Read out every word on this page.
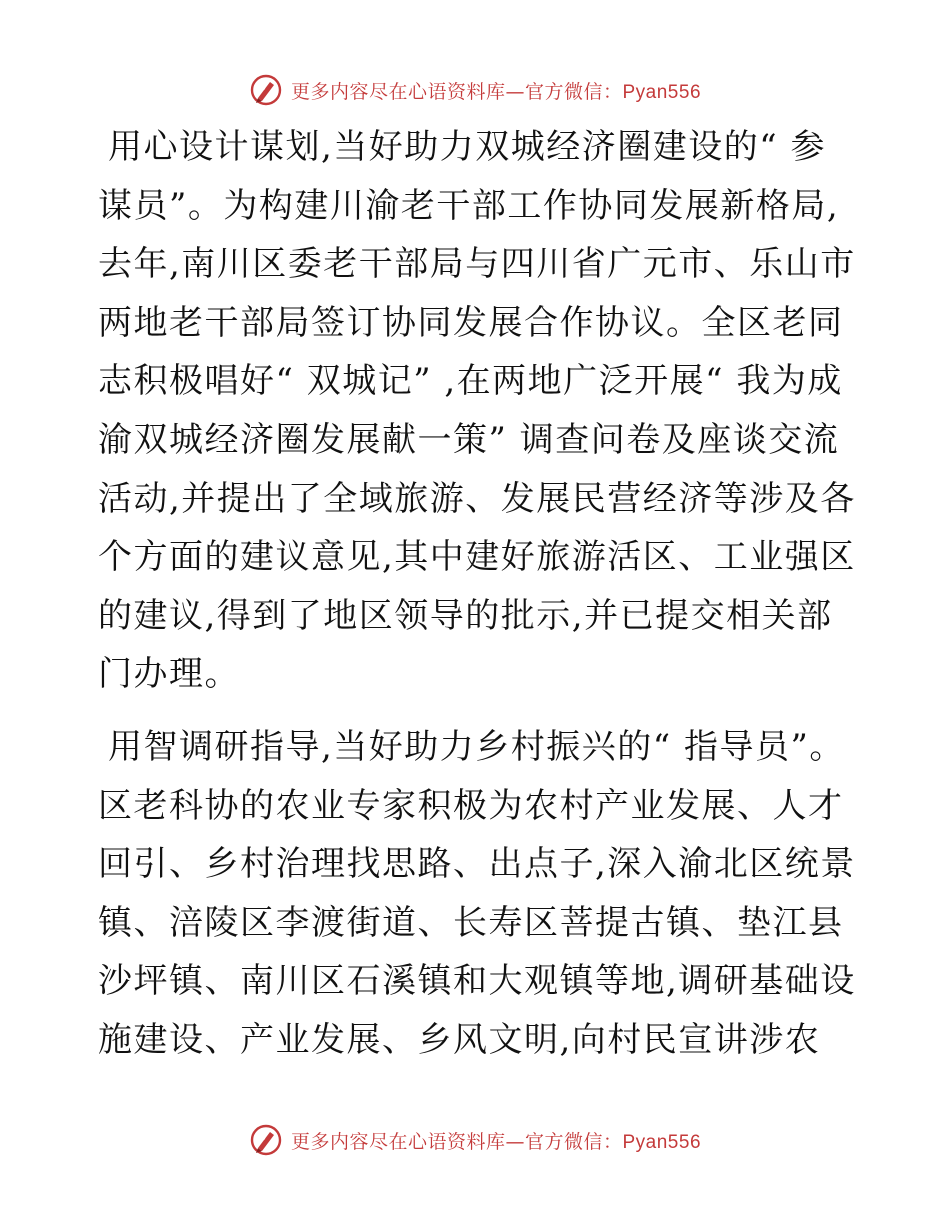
更多内容尽在心语资料库—官方微信：Pyan556

用心设计谋划,当好助力双城经济圈建设的“ 参谋员”。为构建川渝老干部工作协同发展新格局,去年,南川区委老干部局与四川省广元市、乐山市两地老干部局签订协同发展合作协议。全区老同志积极唱好“ 双城记” ,在两地广泛开展“ 我为成渝双城经济圈发展献一策” 调查问卷及座谈交流活动,并提出了全域旅游、发展民营经济等涉及各个方面的建议意见,其中建好旅游活区、工业强区的建议,得到了地区领导的批示,并已提交相关部门办理。

用智调研指导,当好助力乡村振兴的“ 指导员”。区老科协的农业专家积极为农村产业发展、人才回引、乡村治理找思路、出点子,深入渝北区统景镇、涪陵区李渡街道、长寿区菩提古镇、垫江县沙坪镇、南川区石溪镇和大观镇等地,调研基础设施建设、产业发展、乡风文明,向村民宣讲涉农

更多内容尽在心语资料库—官方微信：Pyan556
